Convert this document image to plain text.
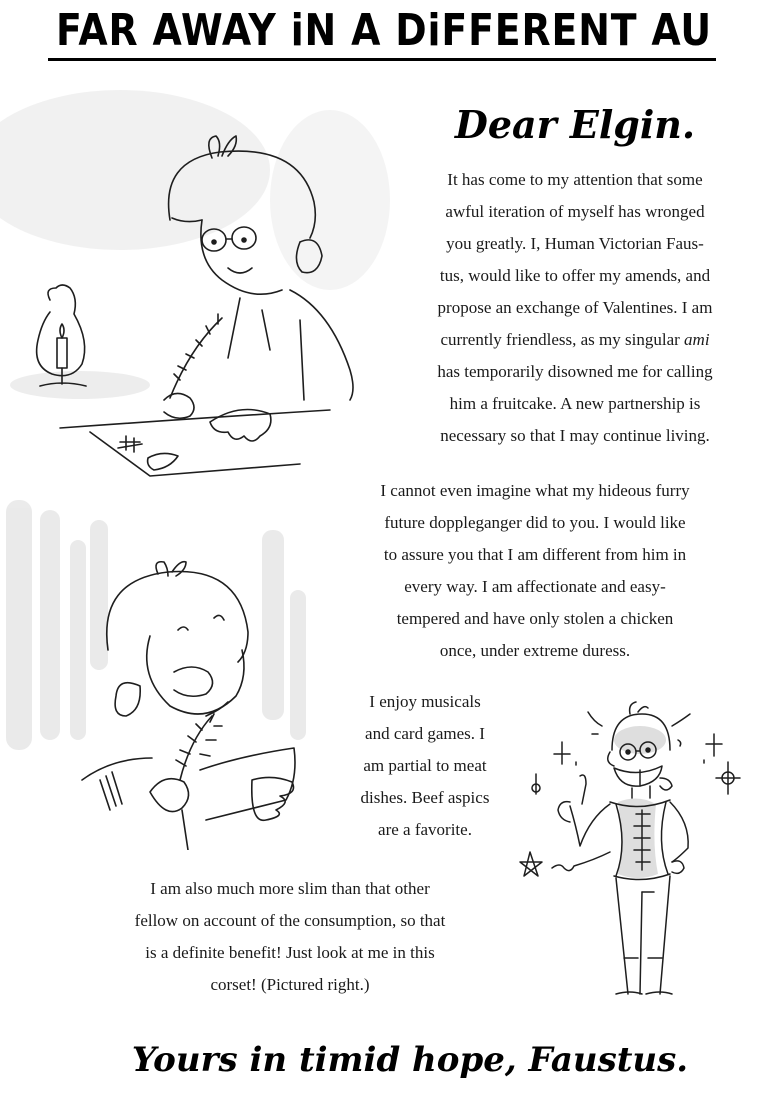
FAR AWAY iN A DiFFERENT AU
Dear Elgin.
It has come to my attention that some
awful iteration of myself has wronged
you greatly. I, Human Victorian Faus-
tus, would like to offer my amends, and
propose an exchange of Valentines. I am
currently friendless, as my singular ami
has temporarily disowned me for calling
him a fruitcake. A new partnership is
necessary so that I may continue living.
I cannot even imagine what my hideous furry
future doppleganger did to you. I would like
to assure you that I am different from him in
every way. I am affectionate and easy-
tempered and have only stolen a chicken
once, under extreme duress.
I enjoy musicals
and card games. I
am partial to meat
dishes. Beef aspics
are a favorite.
I am also much more slim than that other
fellow on account of the consumption, so that
is a definite benefit! Just look at me in this
corset! (Pictured right.)
Yours in timid hope, Faustus.
